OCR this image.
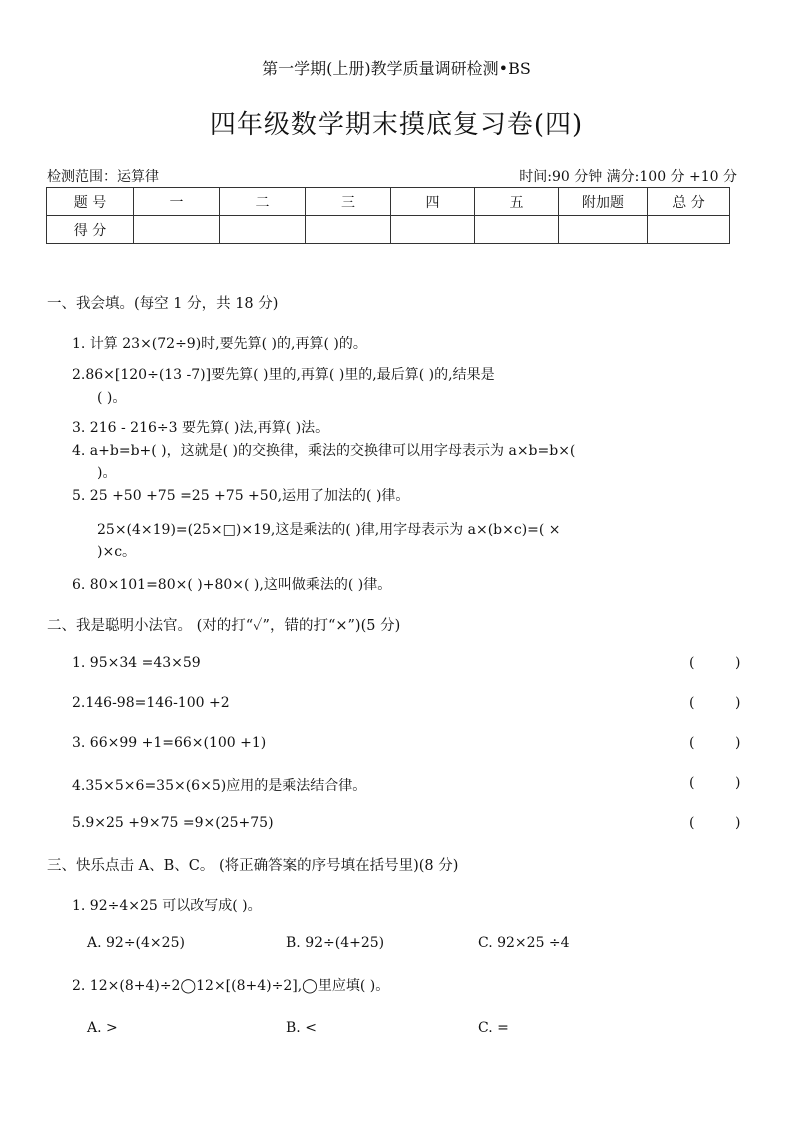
第一学期(上册)教学质量调研检测•BS
四年级数学期末摸底复习卷(四)
检测范围：运算律	时间:90 分钟 满分:100 分 +10 分
题 号	一	二	三	四	五	附加题	总 分
得 分							
一、我会填。(每空 1 分，共 18 分)
1. 计算 23×(72÷9)时,要先算( )的,再算( )的。
2.86×[120÷(13 -7)]要先算( )里的,再算( )里的,最后算( )的,结果是
( )。
3. 216 - 216÷3 要先算( )法,再算( )法。
4. a+b=b+( )，这就是( )的交换律，乘法的交换律可以用字母表示为 a×b=b×(
)。
5. 25 +50 +75 =25 +75 +50,运用了加法的( )律。
25×(4×19)=(25×□)×19,这是乘法的( )律,用字母表示为 a×(b×c)=( ×
)×c。
6. 80×101=80×( )+80×( ),这叫做乘法的( )律。
二、我是聪明小法官。 (对的打“✓”，错的打“×”)(5 分)
1. 95×34 =43×59	(	)
2.146-98=146-100 +2	(	)
3. 66×99 +1=66×(100 +1)	(	)
4.35×5×6=35×(6×5)应用的是乘法结合律。	(	)
5.9×25 +9×75 =9×(25+75)	(	)
三、快乐点击 A、B、C。 (将正确答案的序号填在括号里)(8 分)
1. 92÷4×25 可以改写成( )。
A. 92÷(4×25)	B. 92÷(4+25)	C. 92×25 ÷4
2. 12×(8+4)÷2◯12×[(8+4)÷2],◯里应填( )。
A. >	B. <	C. =
